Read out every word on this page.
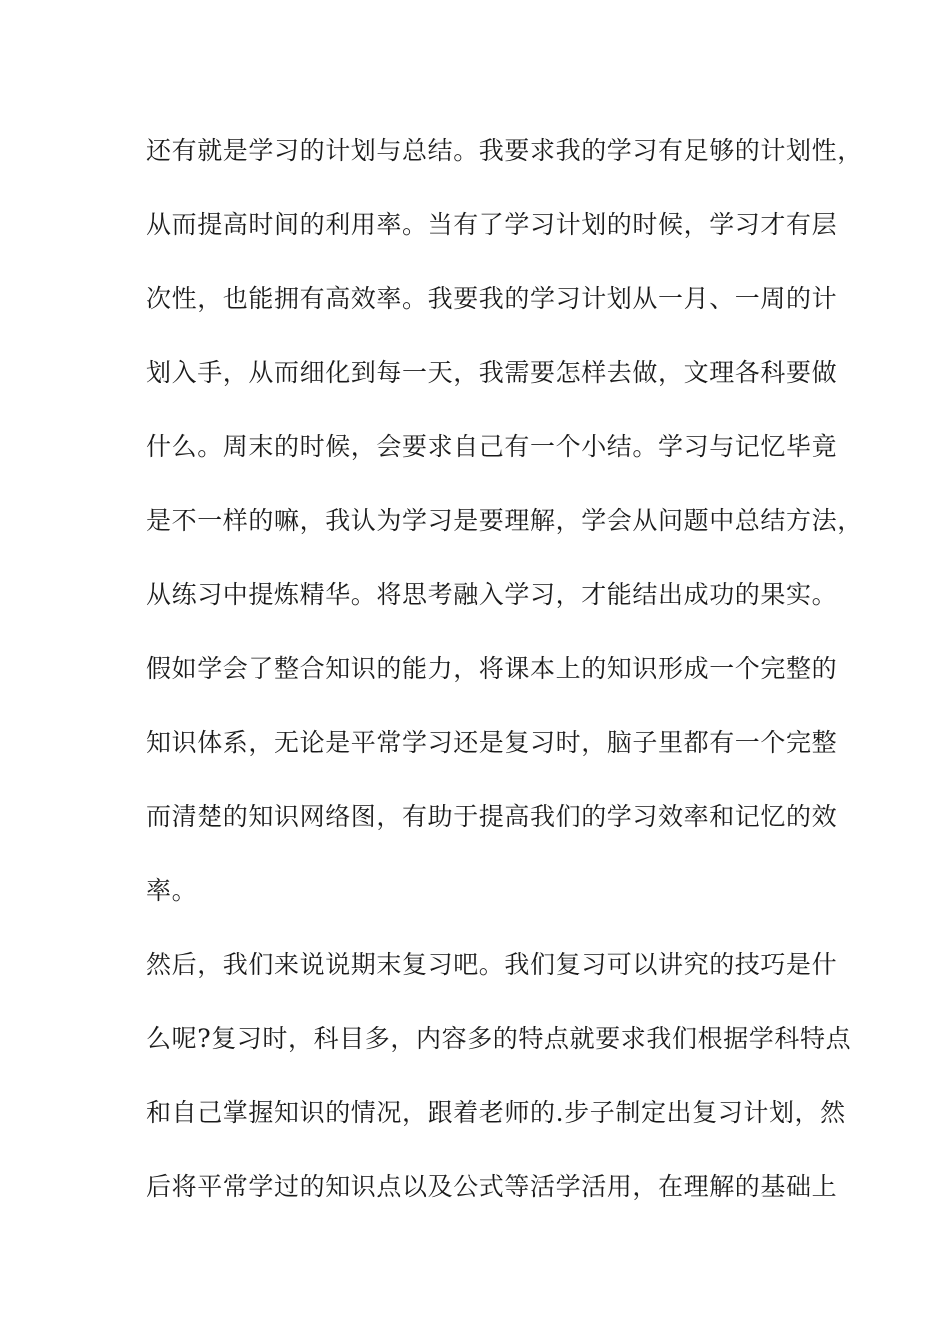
还有就是学习的计划与总结。我要求我的学习有足够的计划性，
从而提高时间的利用率。当有了学习计划的时候，学习才有层
次性，也能拥有高效率。我要我的学习计划从一月、一周的计
划入手，从而细化到每一天，我需要怎样去做，文理各科要做
什么。周末的时候，会要求自己有一个小结。学习与记忆毕竟
是不一样的嘛，我认为学习是要理解，学会从问题中总结方法，
从练习中提炼精华。将思考融入学习，才能结出成功的果实。
假如学会了整合知识的能力，将课本上的知识形成一个完整的
知识体系，无论是平常学习还是复习时，脑子里都有一个完整
而清楚的知识网络图，有助于提高我们的学习效率和记忆的效
率。
然后，我们来说说期末复习吧。我们复习可以讲究的技巧是什
么呢?复习时，科目多，内容多的特点就要求我们根据学科特点
和自己掌握知识的情况，跟着老师的.步子制定出复习计划，然
后将平常学过的知识点以及公式等活学活用，在理解的基础上
